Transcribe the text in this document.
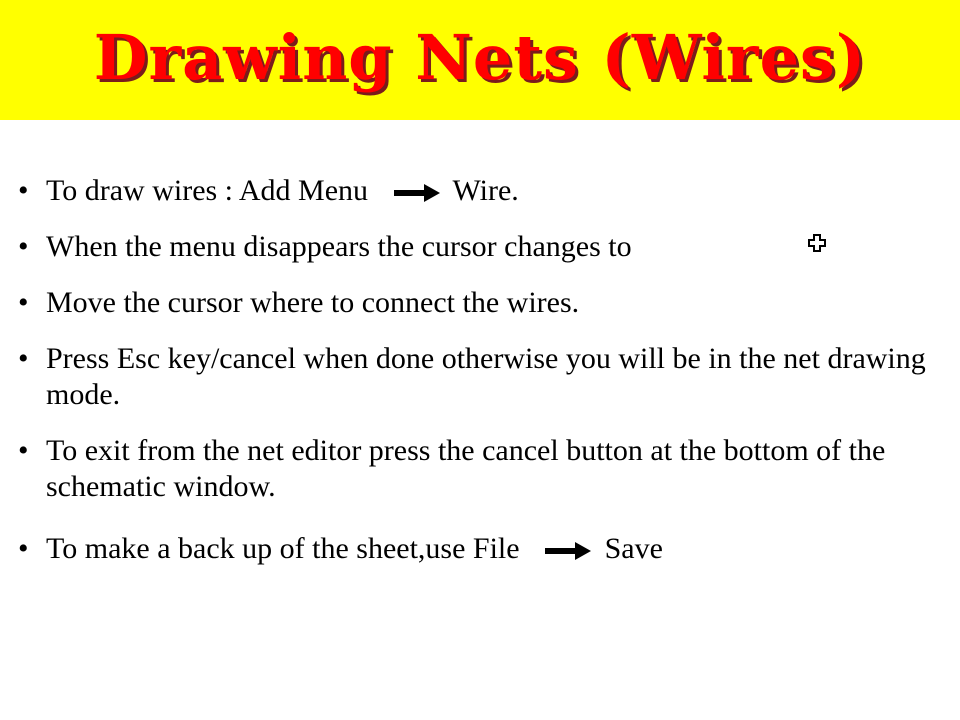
Drawing Nets (Wires)
• To draw wires : Add Menu	Wire.
• When the menu disappears the cursor changes to
• Move the cursor where to connect the wires.
• Press Esc key/cancel when done otherwise you will be in the net drawing mode.
• To exit from the net editor press the cancel button at the bottom of the schematic window.
• To make a back up of the sheet,use File	Save
